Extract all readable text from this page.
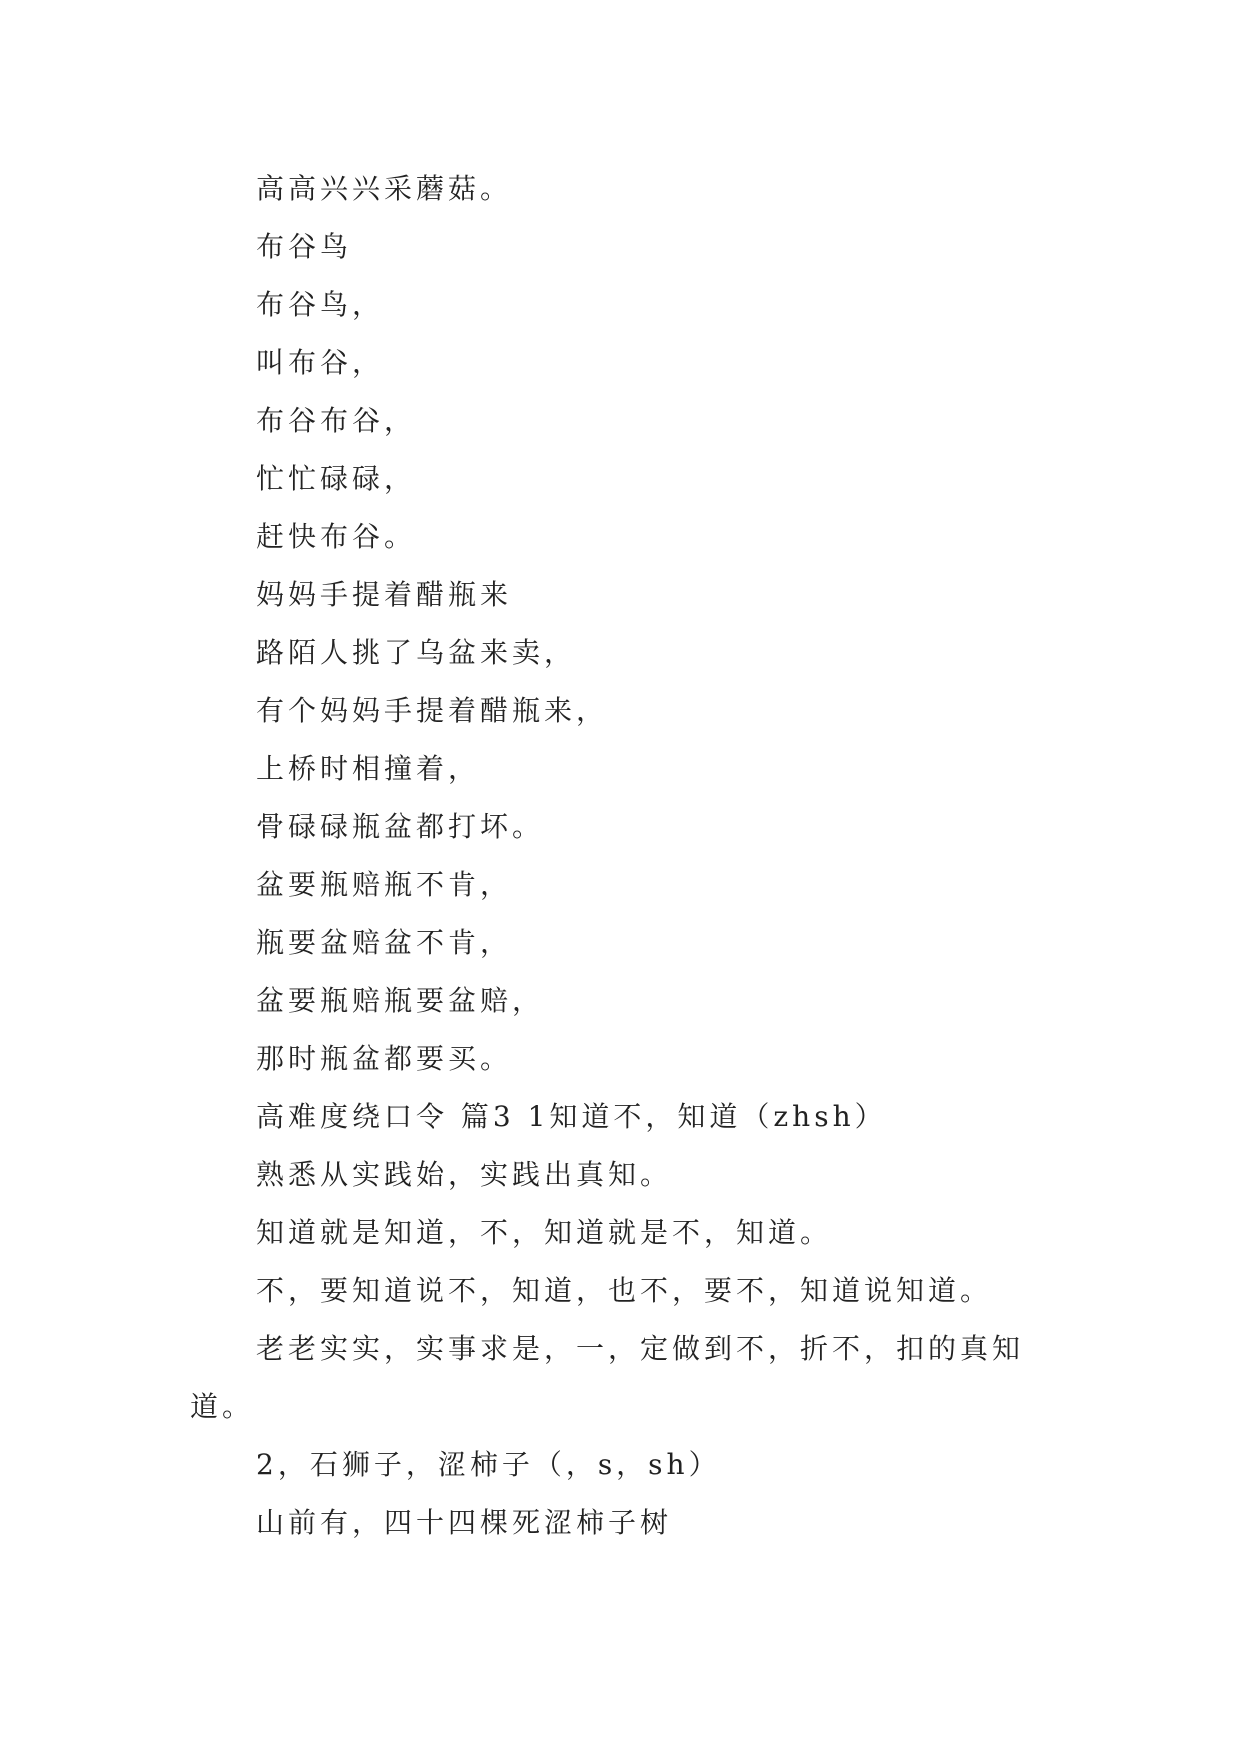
高高兴兴采蘑菇。
布谷鸟
布谷鸟，
叫布谷，
布谷布谷，
忙忙碌碌，
赶快布谷。
妈妈手提着醋瓶来
路陌人挑了乌盆来卖，
有个妈妈手提着醋瓶来，
上桥时相撞着，
骨碌碌瓶盆都打坏。
盆要瓶赔瓶不肯，
瓶要盆赔盆不肯，
盆要瓶赔瓶要盆赔，
那时瓶盆都要买。
高难度绕口令 篇3 1知道不，知道（zhsh）
熟悉从实践始，实践出真知。
知道就是知道，不，知道就是不，知道。
不，要知道说不，知道，也不，要不，知道说知道。
老老实实，实事求是，一，定做到不，折不，扣的真知道。
2，石狮子，涩柿子（，s，sh）
山前有，四十四棵死涩柿子树
